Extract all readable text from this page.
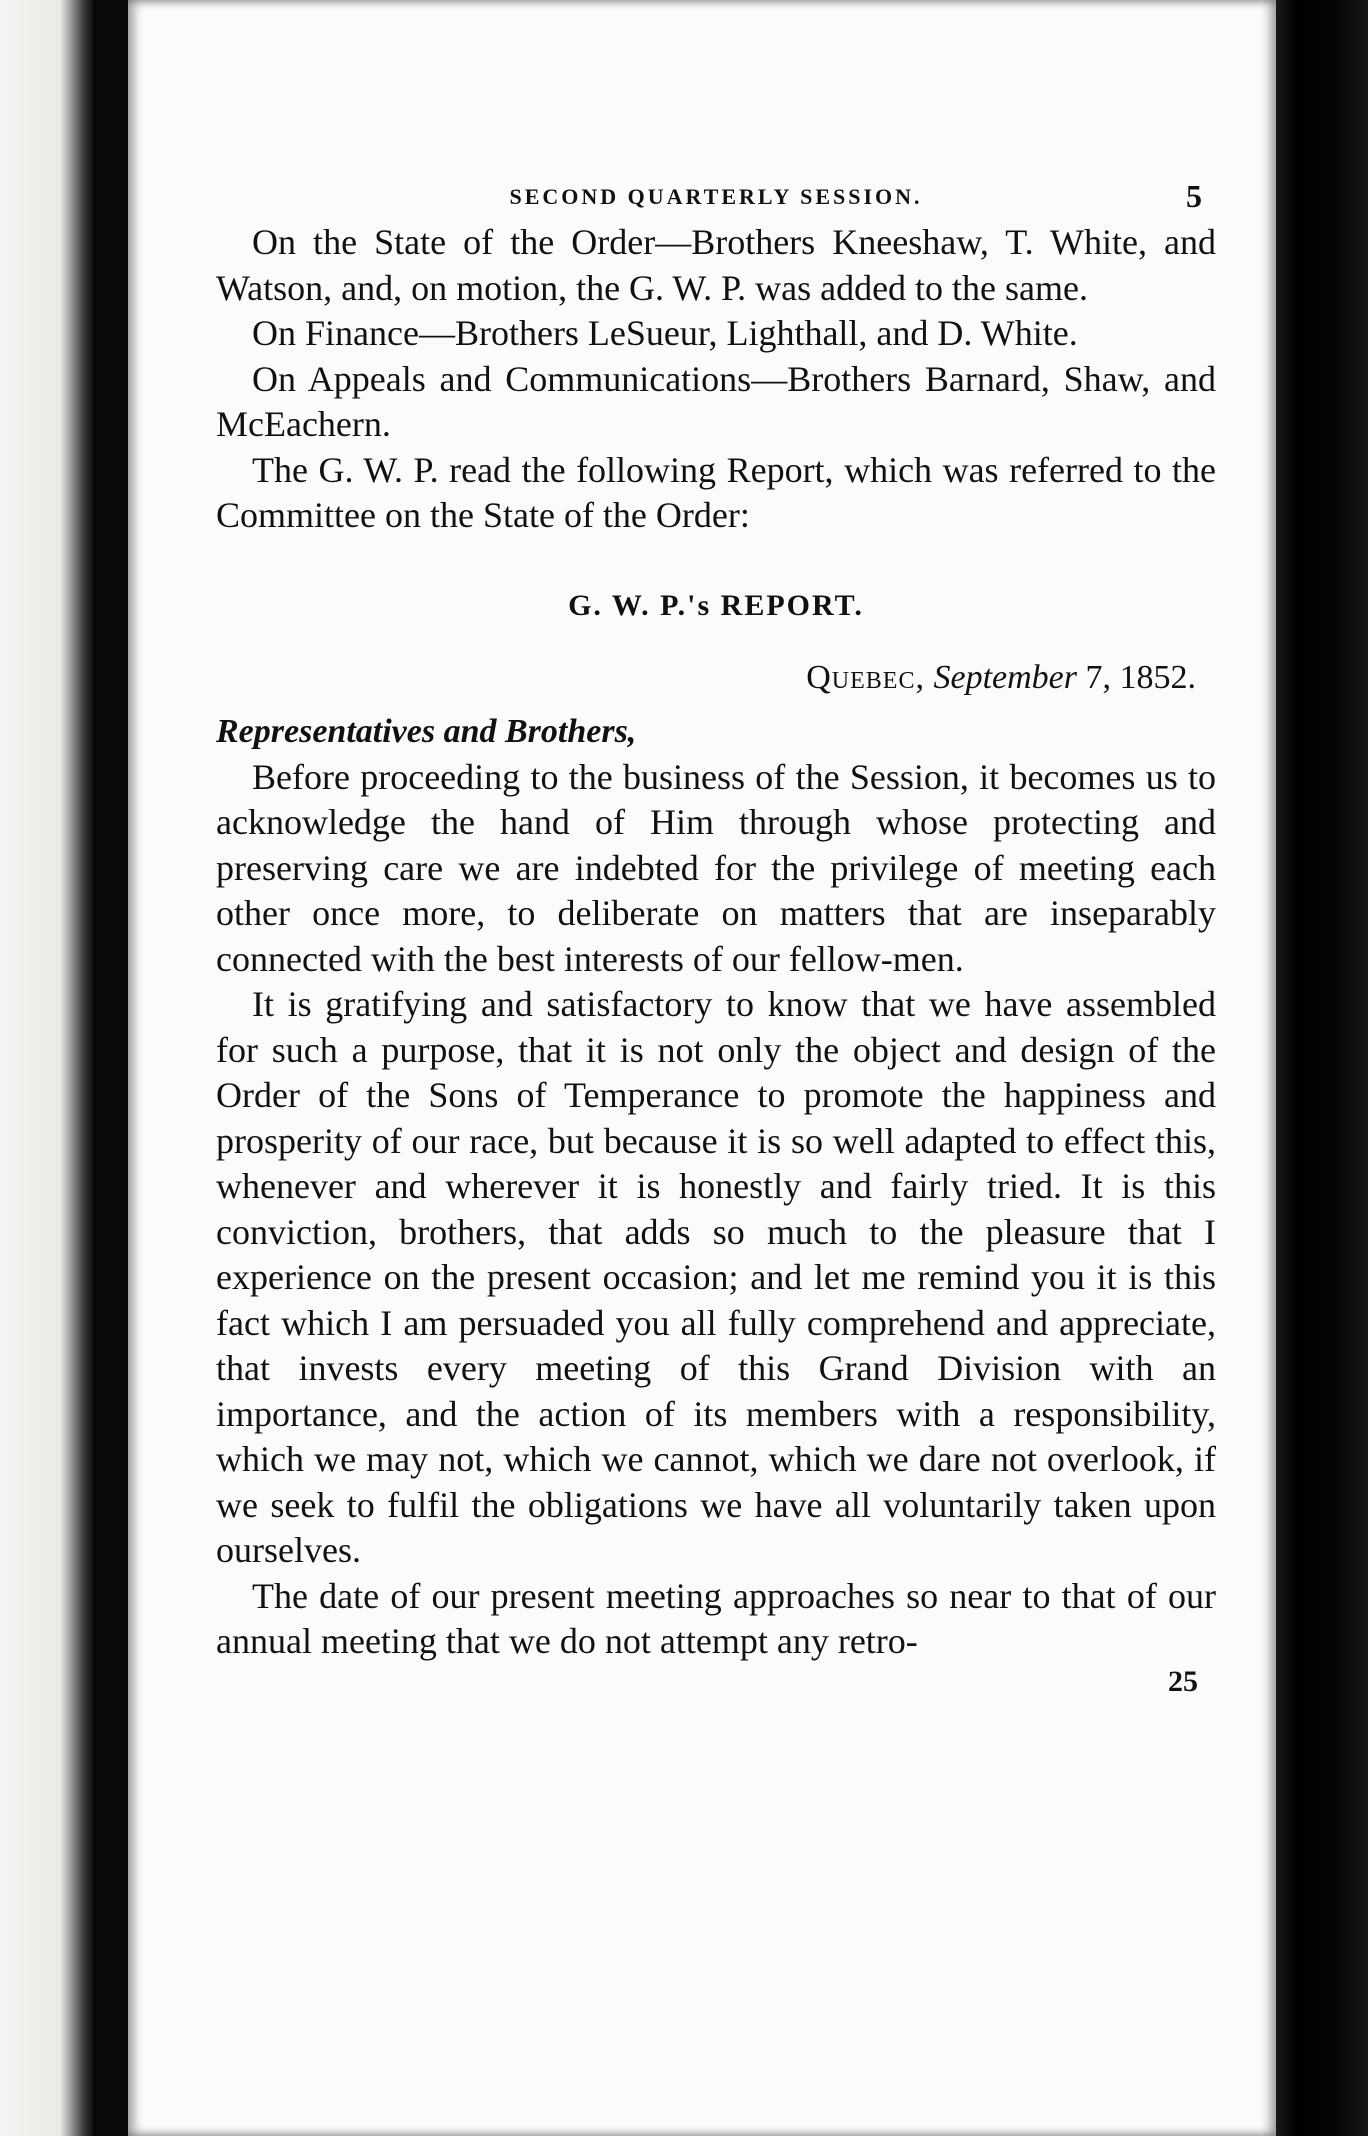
SECOND QUARTERLY SESSION.	5

On the State of the Order—Brothers Kneeshaw, T. White, and Watson, and, on motion, the G. W. P. was added to the same.

On Finance—Brothers LeSueur, Lighthall, and D. White.

On Appeals and Communications—Brothers Barnard, Shaw, and McEachern.

The G. W. P. read the following Report, which was referred to the Committee on the State of the Order:

G. W. P.'s REPORT.
Quebec, September 7, 1852.
Representatives and Brothers,

Before proceeding to the business of the Session, it becomes us to acknowledge the hand of Him through whose protecting and preserving care we are indebted for the privilege of meeting each other once more, to deliberate on matters that are inseparably connected with the best interests of our fellow-men.

It is gratifying and satisfactory to know that we have assembled for such a purpose, that it is not only the object and design of the Order of the Sons of Temperance to promote the happiness and prosperity of our race, but because it is so well adapted to effect this, whenever and wherever it is honestly and fairly tried. It is this conviction, brothers, that adds so much to the pleasure that I experience on the present occasion; and let me remind you it is this fact which I am persuaded you all fully comprehend and appreciate, that invests every meeting of this Grand Division with an importance, and the action of its members with a responsibility, which we may not, which we cannot, which we dare not overlook, if we seek to fulfil the obligations we have all voluntarily taken upon ourselves.

The date of our present meeting approaches so near to that of our annual meeting that we do not attempt any retro-

25
